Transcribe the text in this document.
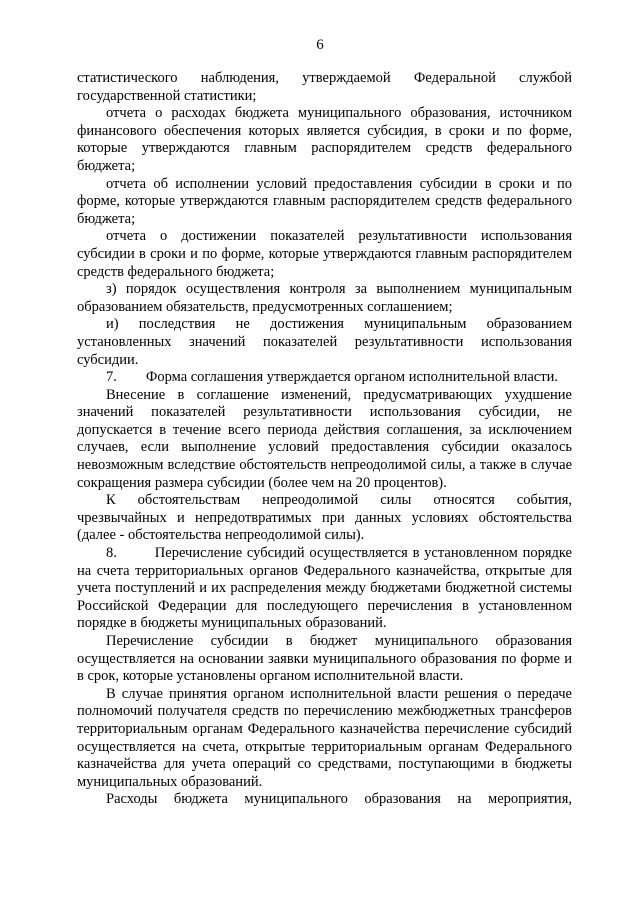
6

статистического наблюдения, утверждаемой Федеральной службой государственной статистики;

отчета о расходах бюджета муниципального образования, источником финансового обеспечения которых является субсидия, в сроки и по форме, которые утверждаются главным распорядителем средств федерального бюджета;

отчета об исполнении условий предоставления субсидии в сроки и по форме, которые утверждаются главным распорядителем средств федерального бюджета;

отчета о достижении показателей результативности использования субсидии в сроки и по форме, которые утверждаются главным распорядителем средств федерального бюджета;

з) порядок осуществления контроля за выполнением муниципальным образованием обязательств, предусмотренных соглашением;

и) последствия не достижения муниципальным образованием установленных значений показателей результативности использования субсидии.

7.        Форма соглашения утверждается органом исполнительной власти.

Внесение в соглашение изменений, предусматривающих ухудшение значений показателей результативности использования субсидии, не допускается в течение всего периода действия соглашения, за исключением случаев, если выполнение условий предоставления субсидии оказалось невозможным вследствие обстоятельств непреодолимой силы, а также в случае сокращения размера субсидии (более чем на 20 процентов).

К обстоятельствам непреодолимой силы относятся события, чрезвычайных и непредотвратимых при данных условиях обстоятельства (далее - обстоятельства непреодолимой силы).

8.        Перечисление субсидий осуществляется в установленном порядке на счета территориальных органов Федерального казначейства, открытые для учета поступлений и их распределения между бюджетами бюджетной системы Российской Федерации для последующего перечисления в установленном порядке в бюджеты муниципальных образований.

Перечисление субсидии в бюджет муниципального образования осуществляется на основании заявки муниципального образования по форме и в срок, которые установлены органом исполнительной власти.

В случае принятия органом исполнительной власти решения о передаче полномочий получателя средств по перечислению межбюджетных трансферов территориальным органам Федерального казначейства перечисление субсидий осуществляется на счета, открытые территориальным органам Федерального казначейства для учета операций со средствами, поступающими в бюджеты муниципальных образований.

Расходы бюджета муниципального образования на мероприятия,
